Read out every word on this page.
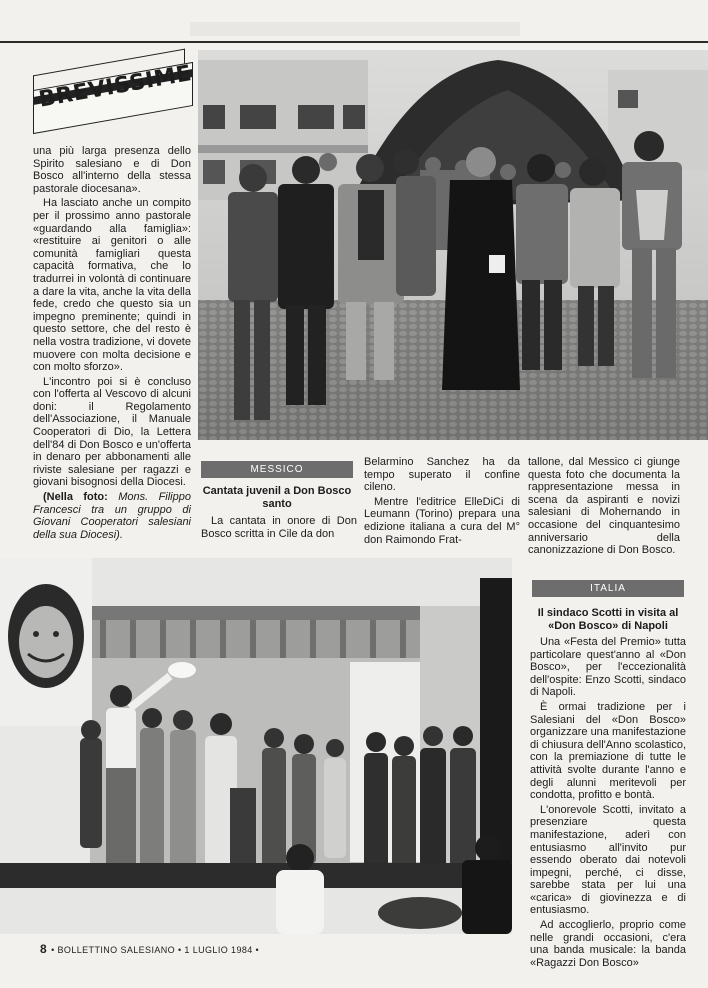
BREVISSIME

una più larga presenza dello Spirito salesiano e di Don Bosco all'interno della stessa pastorale diocesana».

Ha lasciato anche un compito per il prossimo anno pastorale «guardando alla famiglia»: «restituire ai genitori o alle comunità famigliari questa capacità formativa, che lo tradurrei in volontà di continuare a dare la vita, anche la vita della fede, credo che questo sia un impegno preminente; quindi in questo settore, che del resto è nella vostra tradizione, vi dovete muovere con molta decisione e con molto sforzo».

L'incontro poi si è concluso con l'offerta al Vescovo di alcuni doni: il Regolamento dell'Associazione, il Manuale Cooperatori di Dio, la Lettera dell'84 di Don Bosco e un'offerta in denaro per abbonamenti alle riviste salesiane per ragazzi e giovani bisognosi della Diocesi.

(Nella foto: Mons. Filippo Francesci tra un gruppo di Giovani Cooperatori salesiani della sua Diocesi).

MESSICO
Cantata juvenil a Don Bosco santo

La cantata in onore di Don Bosco scritta in Cile da don

Belarmino Sanchez ha da tempo superato il confine cileno.

Mentre l'editrice ElleDiCi di Leumann (Torino) prepara una edizione italiana a cura del M° don Raimondo Frat-

tallone, dal Messico ci giunge questa foto che documenta la rappresentazione messa in scena da aspiranti e novizi salesiani di Mohernando in occasione del cinquantesimo anniversario della canonizzazione di Don Bosco.

ITALIA
Il sindaco Scotti in visita al «Don Bosco» di Napoli

Una «Festa del Premio» tutta particolare quest'anno al «Don Bosco», per l'eccezionalità dell'ospite: Enzo Scotti, sindaco di Napoli.

È ormai tradizione per i Salesiani del «Don Bosco» organizzare una manifestazione di chiusura dell'Anno scolastico, con la premiazione di tutte le attività svolte durante l'anno e degli alunni meritevoli per condotta, profitto e bontà.

L'onorevole Scotti, invitato a presenziare questa manifestazione, aderì con entusiasmo all'invito pur essendo oberato dai notevoli impegni, perché, ci disse, sarebbe stata per lui una «carica» di giovinezza e di entusiasmo.

Ad accoglierlo, proprio come nelle grandi occasioni, c'era una banda musicale: la banda «Ragazzi Don Bosco»

8 • BOLLETTINO SALESIANO • 1 LUGLIO 1984 •
